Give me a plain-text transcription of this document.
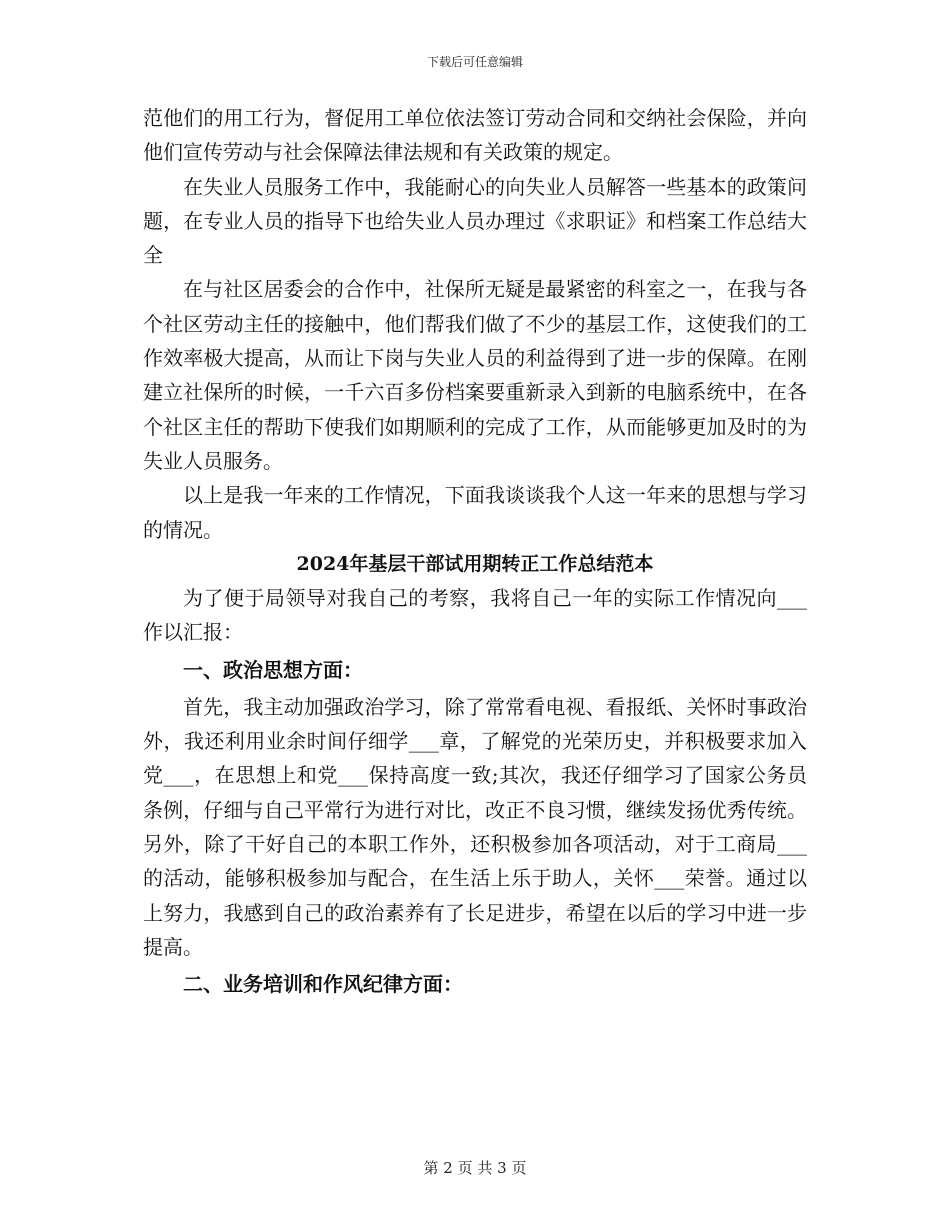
下载后可任意编辑

范他们的用工行为，督促用工单位依法签订劳动合同和交纳社会保险，并向他们宣传劳动与社会保障法律法规和有关政策的规定。

在失业人员服务工作中，我能耐心的向失业人员解答一些基本的政策问题，在专业人员的指导下也给失业人员办理过《求职证》和档案工作总结大全

在与社区居委会的合作中，社保所无疑是最紧密的科室之一，在我与各个社区劳动主任的接触中，他们帮我们做了不少的基层工作，这使我们的工作效率极大提高，从而让下岗与失业人员的利益得到了进一步的保障。在刚建立社保所的时候，一千六百多份档案要重新录入到新的电脑系统中，在各个社区主任的帮助下使我们如期顺利的完成了工作，从而能够更加及时的为失业人员服务。

以上是我一年来的工作情况，下面我谈谈我个人这一年来的思想与学习的情况。

2024年基层干部试用期转正工作总结范本

为了便于局领导对我自己的考察，我将自己一年的实际工作情况向___作以汇报：

一、政治思想方面：

首先，我主动加强政治学习，除了常常看电视、看报纸、关怀时事政治外，我还利用业余时间仔细学___章，了解党的光荣历史，并积极要求加入党___，在思想上和党___保持高度一致;其次，我还仔细学习了国家公务员条例，仔细与自己平常行为进行对比，改正不良习惯，继续发扬优秀传统。另外，除了干好自己的本职工作外，还积极参加各项活动，对于工商局___的活动，能够积极参加与配合，在生活上乐于助人，关怀___荣誉。通过以上努力，我感到自己的政治素养有了长足进步，希望在以后的学习中进一步提高。

二、业务培训和作风纪律方面：

第 2 页 共 3 页
